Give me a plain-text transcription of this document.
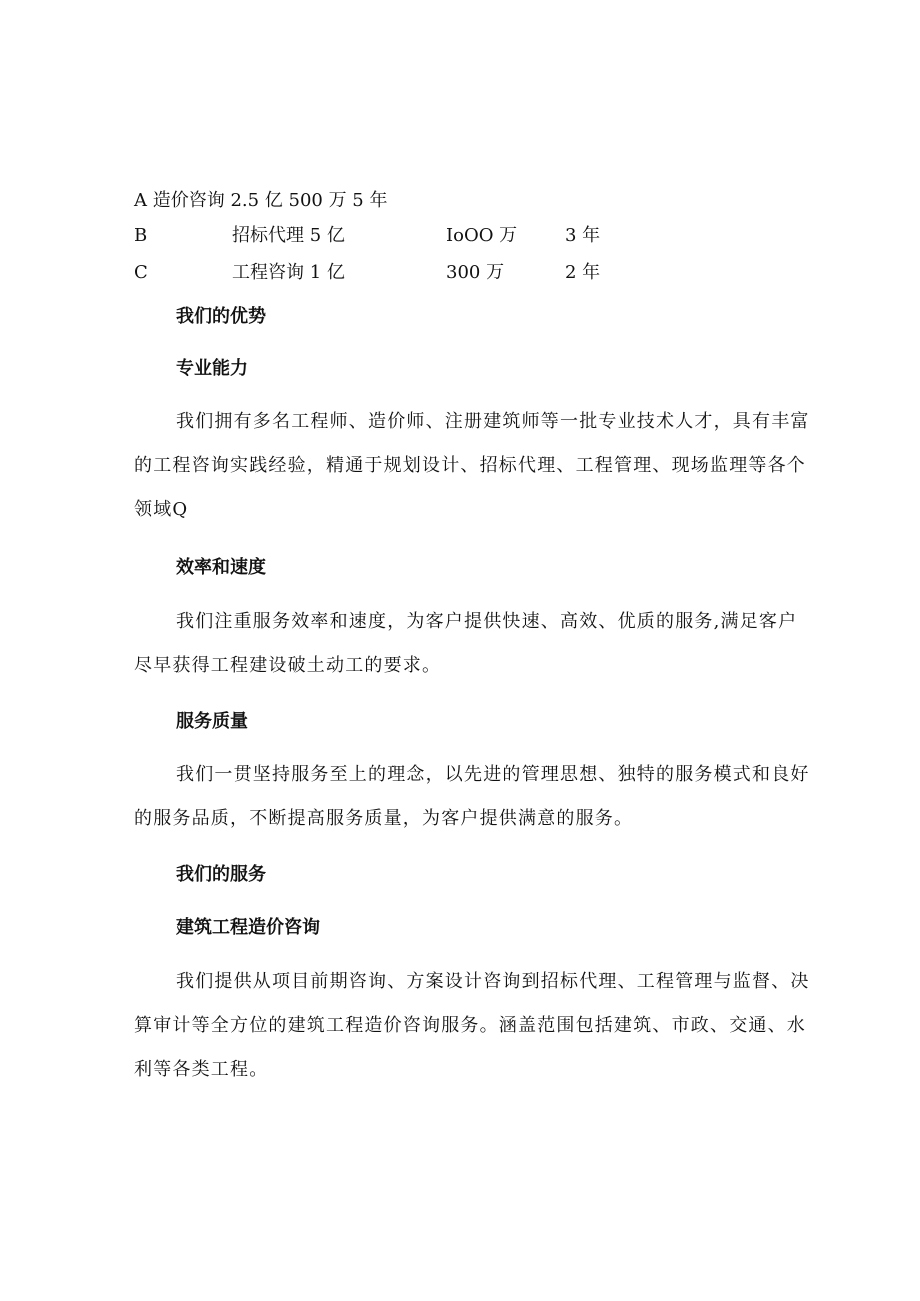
A 造价咨询 2.5 亿 500 万 5 年
B	招标代理 5 亿	IoOO 万	3 年
C	工程咨询 1 亿	300 万	2 年
我们的优势
专业能力
我们拥有多名工程师、造价师、注册建筑师等一批专业技术人才，具有丰富的工程咨询实践经验，精通于规划设计、招标代理、工程管理、现场监理等各个领域Q
效率和速度
我们注重服务效率和速度，为客户提供快速、高效、优质的服务,满足客户尽早获得工程建设破土动工的要求。
服务质量
我们一贯坚持服务至上的理念，以先进的管理思想、独特的服务模式和良好的服务品质，不断提高服务质量，为客户提供满意的服务。
我们的服务
建筑工程造价咨询
我们提供从项目前期咨询、方案设计咨询到招标代理、工程管理与监督、决算审计等全方位的建筑工程造价咨询服务。涵盖范围包括建筑、市政、交通、水利等各类工程。
